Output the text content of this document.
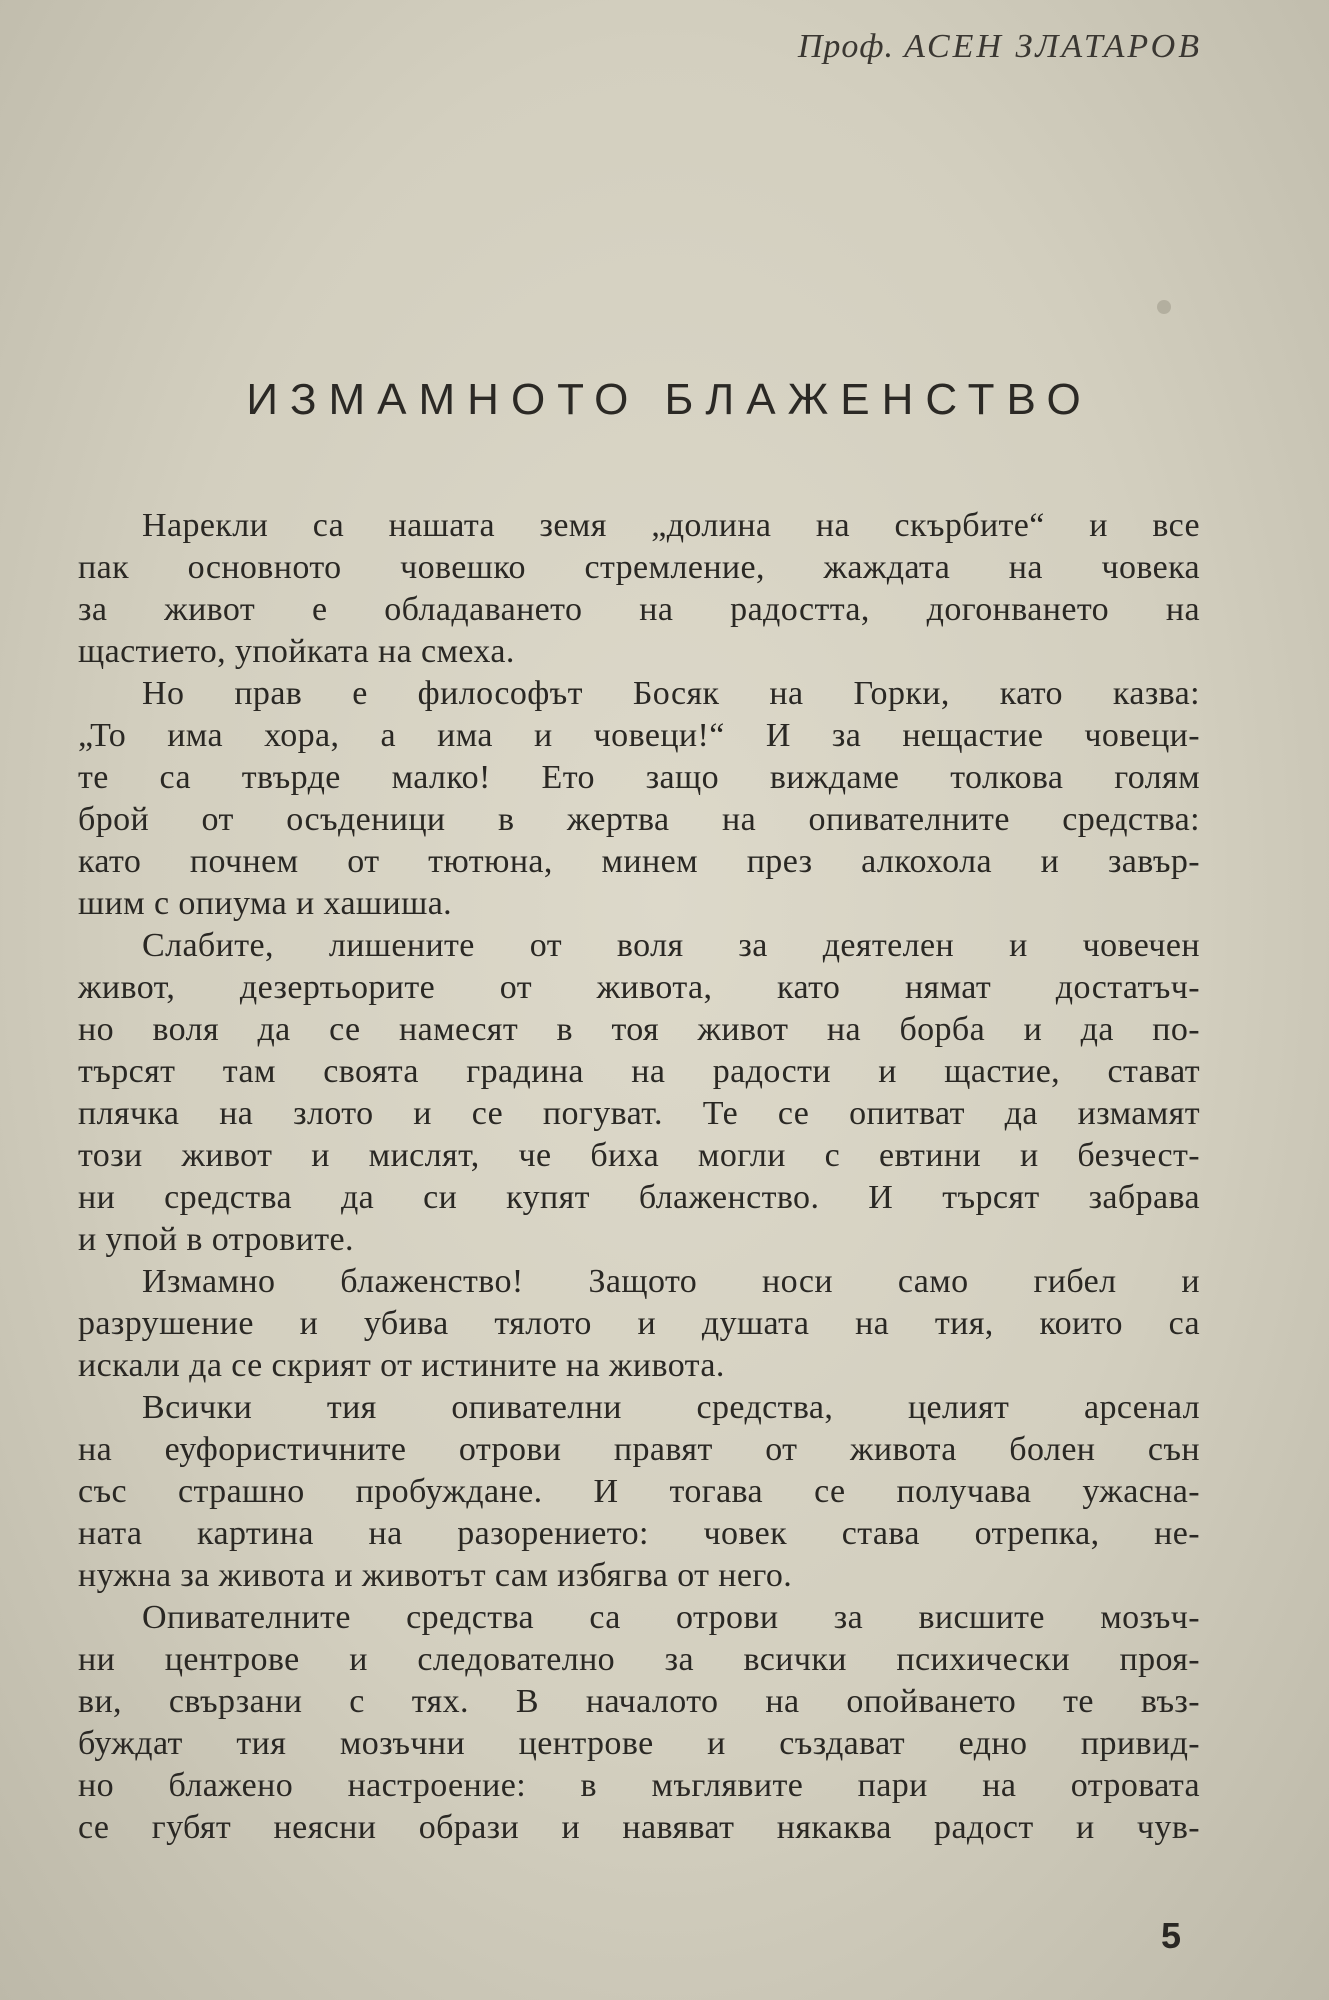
Проф. АСЕН ЗЛАТАРОВ
ИЗМАМНОТО БЛАЖЕНСТВО
Нарекли са нашата земя „долина на скърбите“ и все
пак основното човешко стремление, жаждата на човека
за живот е обладаването на радостта, догонването на
щастието, упойката на смеха.
Но прав е философът Босяк на Горки, като казва:
„То има хора, а има и човеци!“ И за нещастие човеци-
те са твърде малко! Ето защо виждаме толкова голям
брой от осъденици в жертва на опивателните средства:
като почнем от тютюна, минем през алкохола и завър-
шим с опиума и хашиша.
Слабите, лишените от воля за деятелен и човечен
живот, дезертьорите от живота, като нямат достатъч-
но воля да се намесят в тоя живот на борба и да по-
търсят там своята градина на радости и щастие, стават
плячка на злото и се погуват. Те се опитват да измамят
този живот и мислят, че биха могли с евтини и безчест-
ни средства да си купят блаженство. И търсят забрава
и упой в отровите.
Измамно блаженство! Защото носи само гибел и
разрушение и убива тялото и душата на тия, които са
искали да се скрият от истините на живота.
Всички тия опивателни средства, целият арсенал
на еуфористичните отрови правят от живота болен сън
със страшно пробуждане. И тогава се получава ужасна-
ната картина на разорението: човек става отрепка, не-
нужна за живота и животът сам избягва от него.
Опивателните средства са отрови за висшите мозъч-
ни центрове и следователно за всички психически проя-
ви, свързани с тях. В началото на опойването те въз-
буждат тия мозъчни центрове и създават едно привид-
но блажено настроение: в мъглявите пари на отровата
се губят неясни образи и навяват някаква радост и чув-
5
